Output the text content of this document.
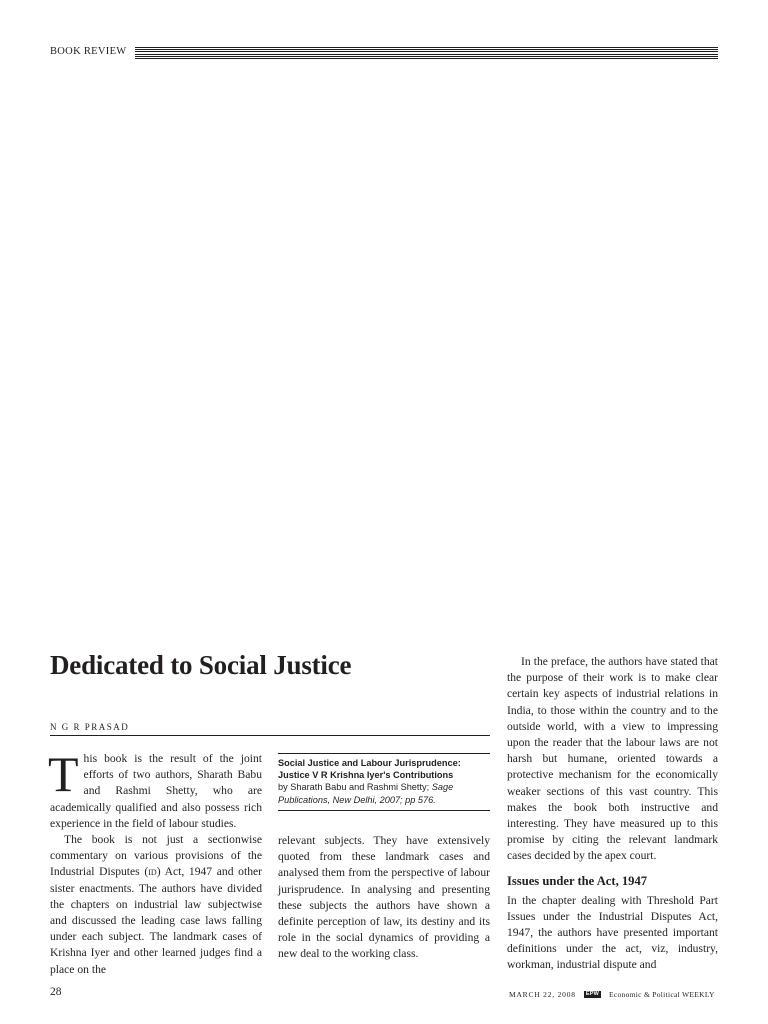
BOOK REVIEW
Dedicated to Social Justice
N G R PRASAD

This book is the result of the joint efforts of two authors, Sharath Babu and Rashmi Shetty, who are academically qualified and also possess rich experience in the field of labour studies.

The book is not just a sectionwise commentary on various provisions of the Industrial Disputes (id) Act, 1947 and other sister enactments. The authors have divided the chapters on industrial law subjectwise and discussed the leading case laws falling under each subject. The landmark cases of Krishna Iyer and other learned judges find a place on the

Social Justice and Labour Jurisprudence:
Justice V R Krishna Iyer's Contributions
by Sharath Babu and Rashmi Shetty; Sage Publications, New Delhi, 2007; pp 576.

relevant subjects. They have extensively quoted from these landmark cases and analysed them from the perspective of labour jurisprudence. In analysing and presenting these subjects the authors have shown a definite perception of law, its destiny and its role in the social dynamics of providing a new deal to the working class.

In the preface, the authors have stated that the purpose of their work is to make clear certain key aspects of industrial relations in India, to those within the country and to the outside world, with a view to impressing upon the reader that the labour laws are not harsh but humane, oriented towards a protective mechanism for the economically weaker sections of this vast country. This makes the book both instructive and interesting. They have measured up to this promise by citing the relevant landmark cases decided by the apex court.

Issues under the Act, 1947

In the chapter dealing with Threshold Part Issues under the Industrial Disputes Act, 1947, the authors have presented important definitions under the act, viz, industry, workman, industrial dispute and

28	MARCH 22, 2008	EPW Economic & Political WEEKLY
